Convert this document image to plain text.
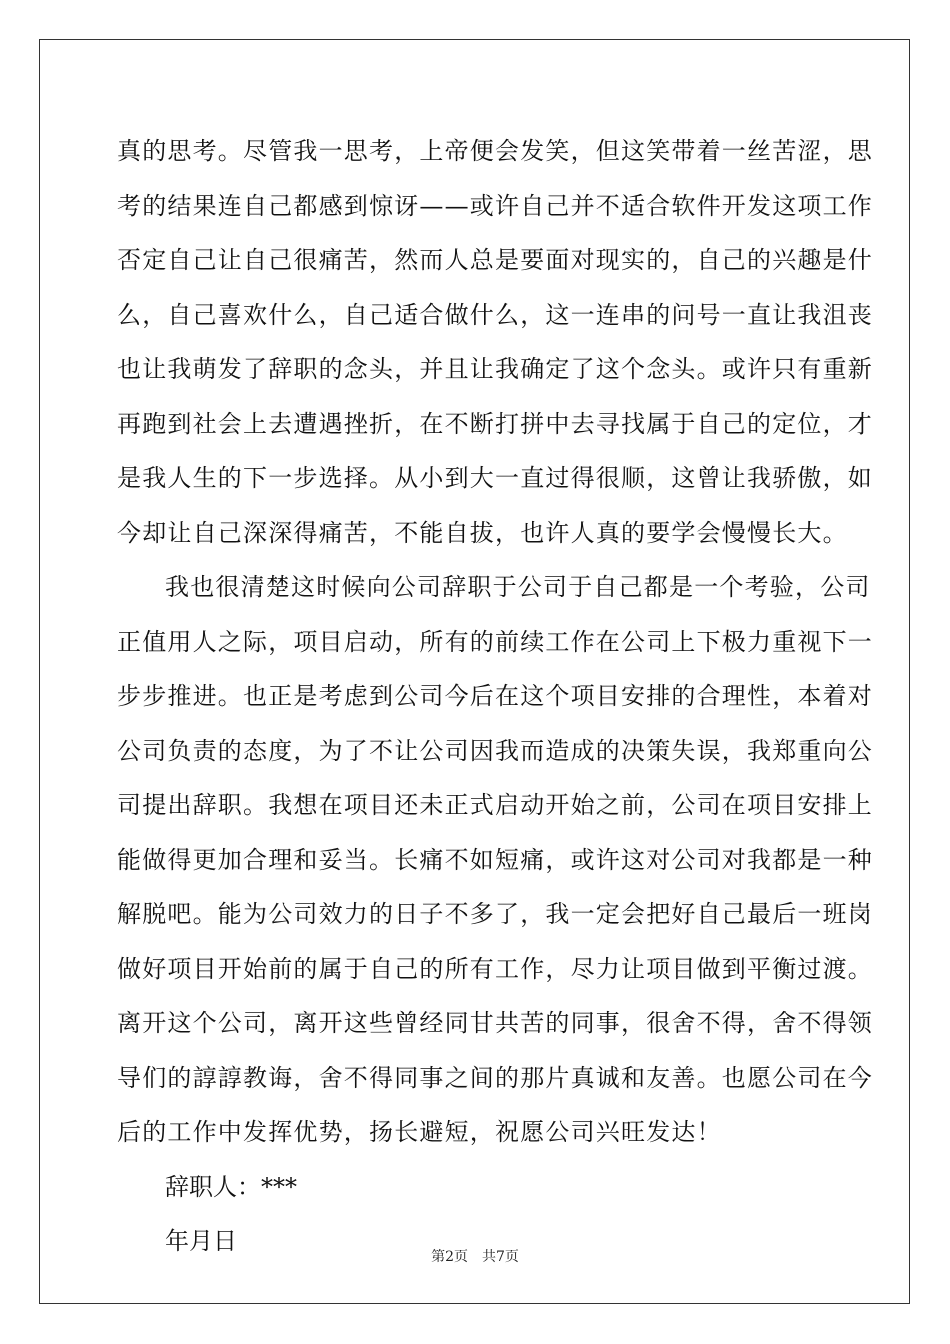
真的思考。尽管我一思考，上帝便会发笑，但这笑带着一丝苦涩，思
考的结果连自己都感到惊讶——或许自己并不适合软件开发这项工作
否定自己让自己很痛苦，然而人总是要面对现实的，自己的兴趣是什
么，自己喜欢什么，自己适合做什么，这一连串的问号一直让我沮丧
也让我萌发了辞职的念头，并且让我确定了这个念头。或许只有重新
再跑到社会上去遭遇挫折，在不断打拼中去寻找属于自己的定位，才
是我人生的下一步选择。从小到大一直过得很顺，这曾让我骄傲，如
今却让自己深深得痛苦，不能自拔，也许人真的要学会慢慢长大。
我也很清楚这时候向公司辞职于公司于自己都是一个考验，公司
正值用人之际，项目启动，所有的前续工作在公司上下极力重视下一
步步推进。也正是考虑到公司今后在这个项目安排的合理性，本着对
公司负责的态度，为了不让公司因我而造成的决策失误，我郑重向公
司提出辞职。我想在项目还未正式启动开始之前，公司在项目安排上
能做得更加合理和妥当。长痛不如短痛，或许这对公司对我都是一种
解脱吧。能为公司效力的日子不多了，我一定会把好自己最后一班岗
做好项目开始前的属于自己的所有工作，尽力让项目做到平衡过渡。
离开这个公司，离开这些曾经同甘共苦的同事，很舍不得，舍不得领
导们的諄諄教诲，舍不得同事之间的那片真诚和友善。也愿公司在今
后的工作中发挥优势，扬长避短，祝愿公司兴旺发达！
辞职人：***
年月日
第2页 共7页
